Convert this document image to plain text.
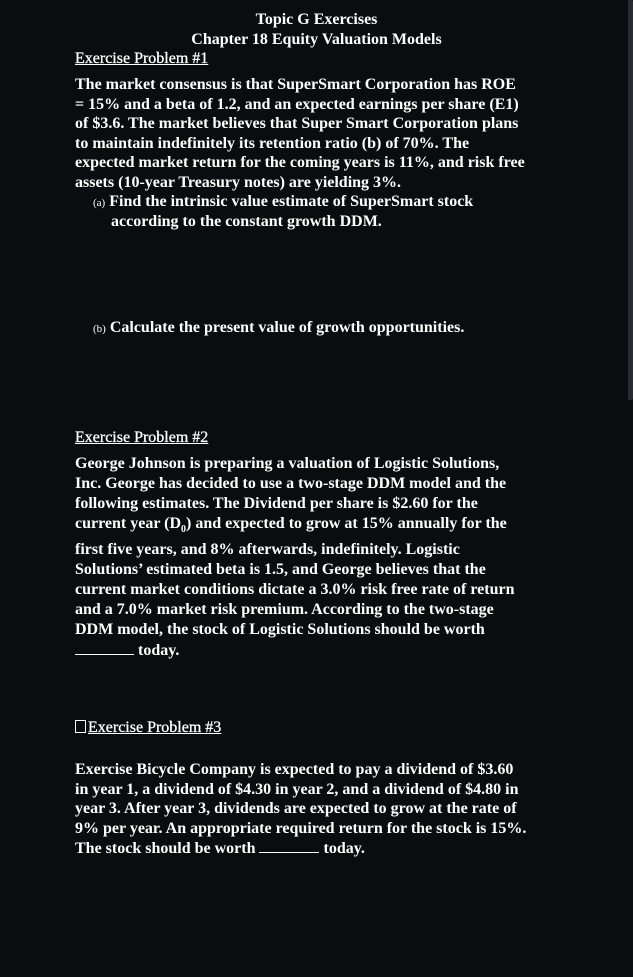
Topic G Exercises
Chapter 18 Equity Valuation Models
Exercise Problem #1
The market consensus is that SuperSmart Corporation has ROE
= 15% and a beta of 1.2, and an expected earnings per share (E1)
of $3.6. The market believes that Super Smart Corporation plans
to maintain indefinitely its retention ratio (b) of 70%. The
expected market return for the coming years is 11%, and risk free
assets (10-year Treasury notes) are yielding 3%.
(a) Find the intrinsic value estimate of SuperSmart stock
according to the constant growth DDM.
(b) Calculate the present value of growth opportunities.
Exercise Problem #2
George Johnson is preparing a valuation of Logistic Solutions,
Inc. George has decided to use a two-stage DDM model and the
following estimates. The Dividend per share is $2.60 for the
current year $(D_0)$ and expected to grow at 15% annually for the
first five years, and 8% afterwards, indefinitely. Logistic
Solutions’ estimated beta is 1.5, and George believes that the
current market conditions dictate a 3.0% risk free rate of return
and a 7.0% market risk premium. According to the two-stage
DDM model, the stock of Logistic Solutions should be worth
today.
Exercise Problem #3
Exercise Bicycle Company is expected to pay a dividend of $3.60
in year 1, a dividend of $4.30 in year 2, and a dividend of $4.80 in
year 3. After year 3, dividends are expected to grow at the rate of
9% per year. An appropriate required return for the stock is 15%.
The stock should be worth	today.
